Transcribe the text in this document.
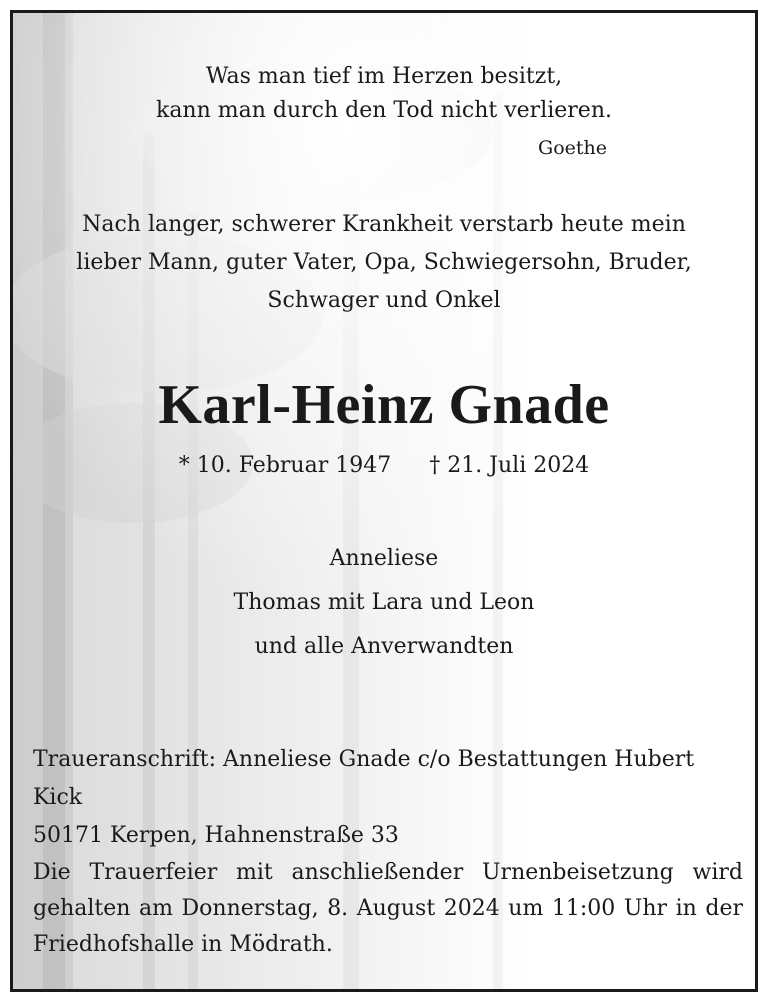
Was man tief im Herzen besitzt,
kann man durch den Tod nicht verlieren.
Goethe
Nach langer, schwerer Krankheit verstarb heute mein
lieber Mann, guter Vater, Opa, Schwiegersohn, Bruder,
Schwager und Onkel
Karl-Heinz Gnade
* 10. Februar 1947 † 21. Juli 2024
Anneliese
Thomas mit Lara und Leon
und alle Anverwandten
Traueranschrift: Anneliese Gnade c/o Bestattungen Hubert Kick
50171 Kerpen, Hahnenstraße 33
Die Trauerfeier mit anschließender Urnenbeisetzung wird
gehalten am Donnerstag, 8. August 2024 um 11:00 Uhr in der
Friedhofshalle in Mödrath.
